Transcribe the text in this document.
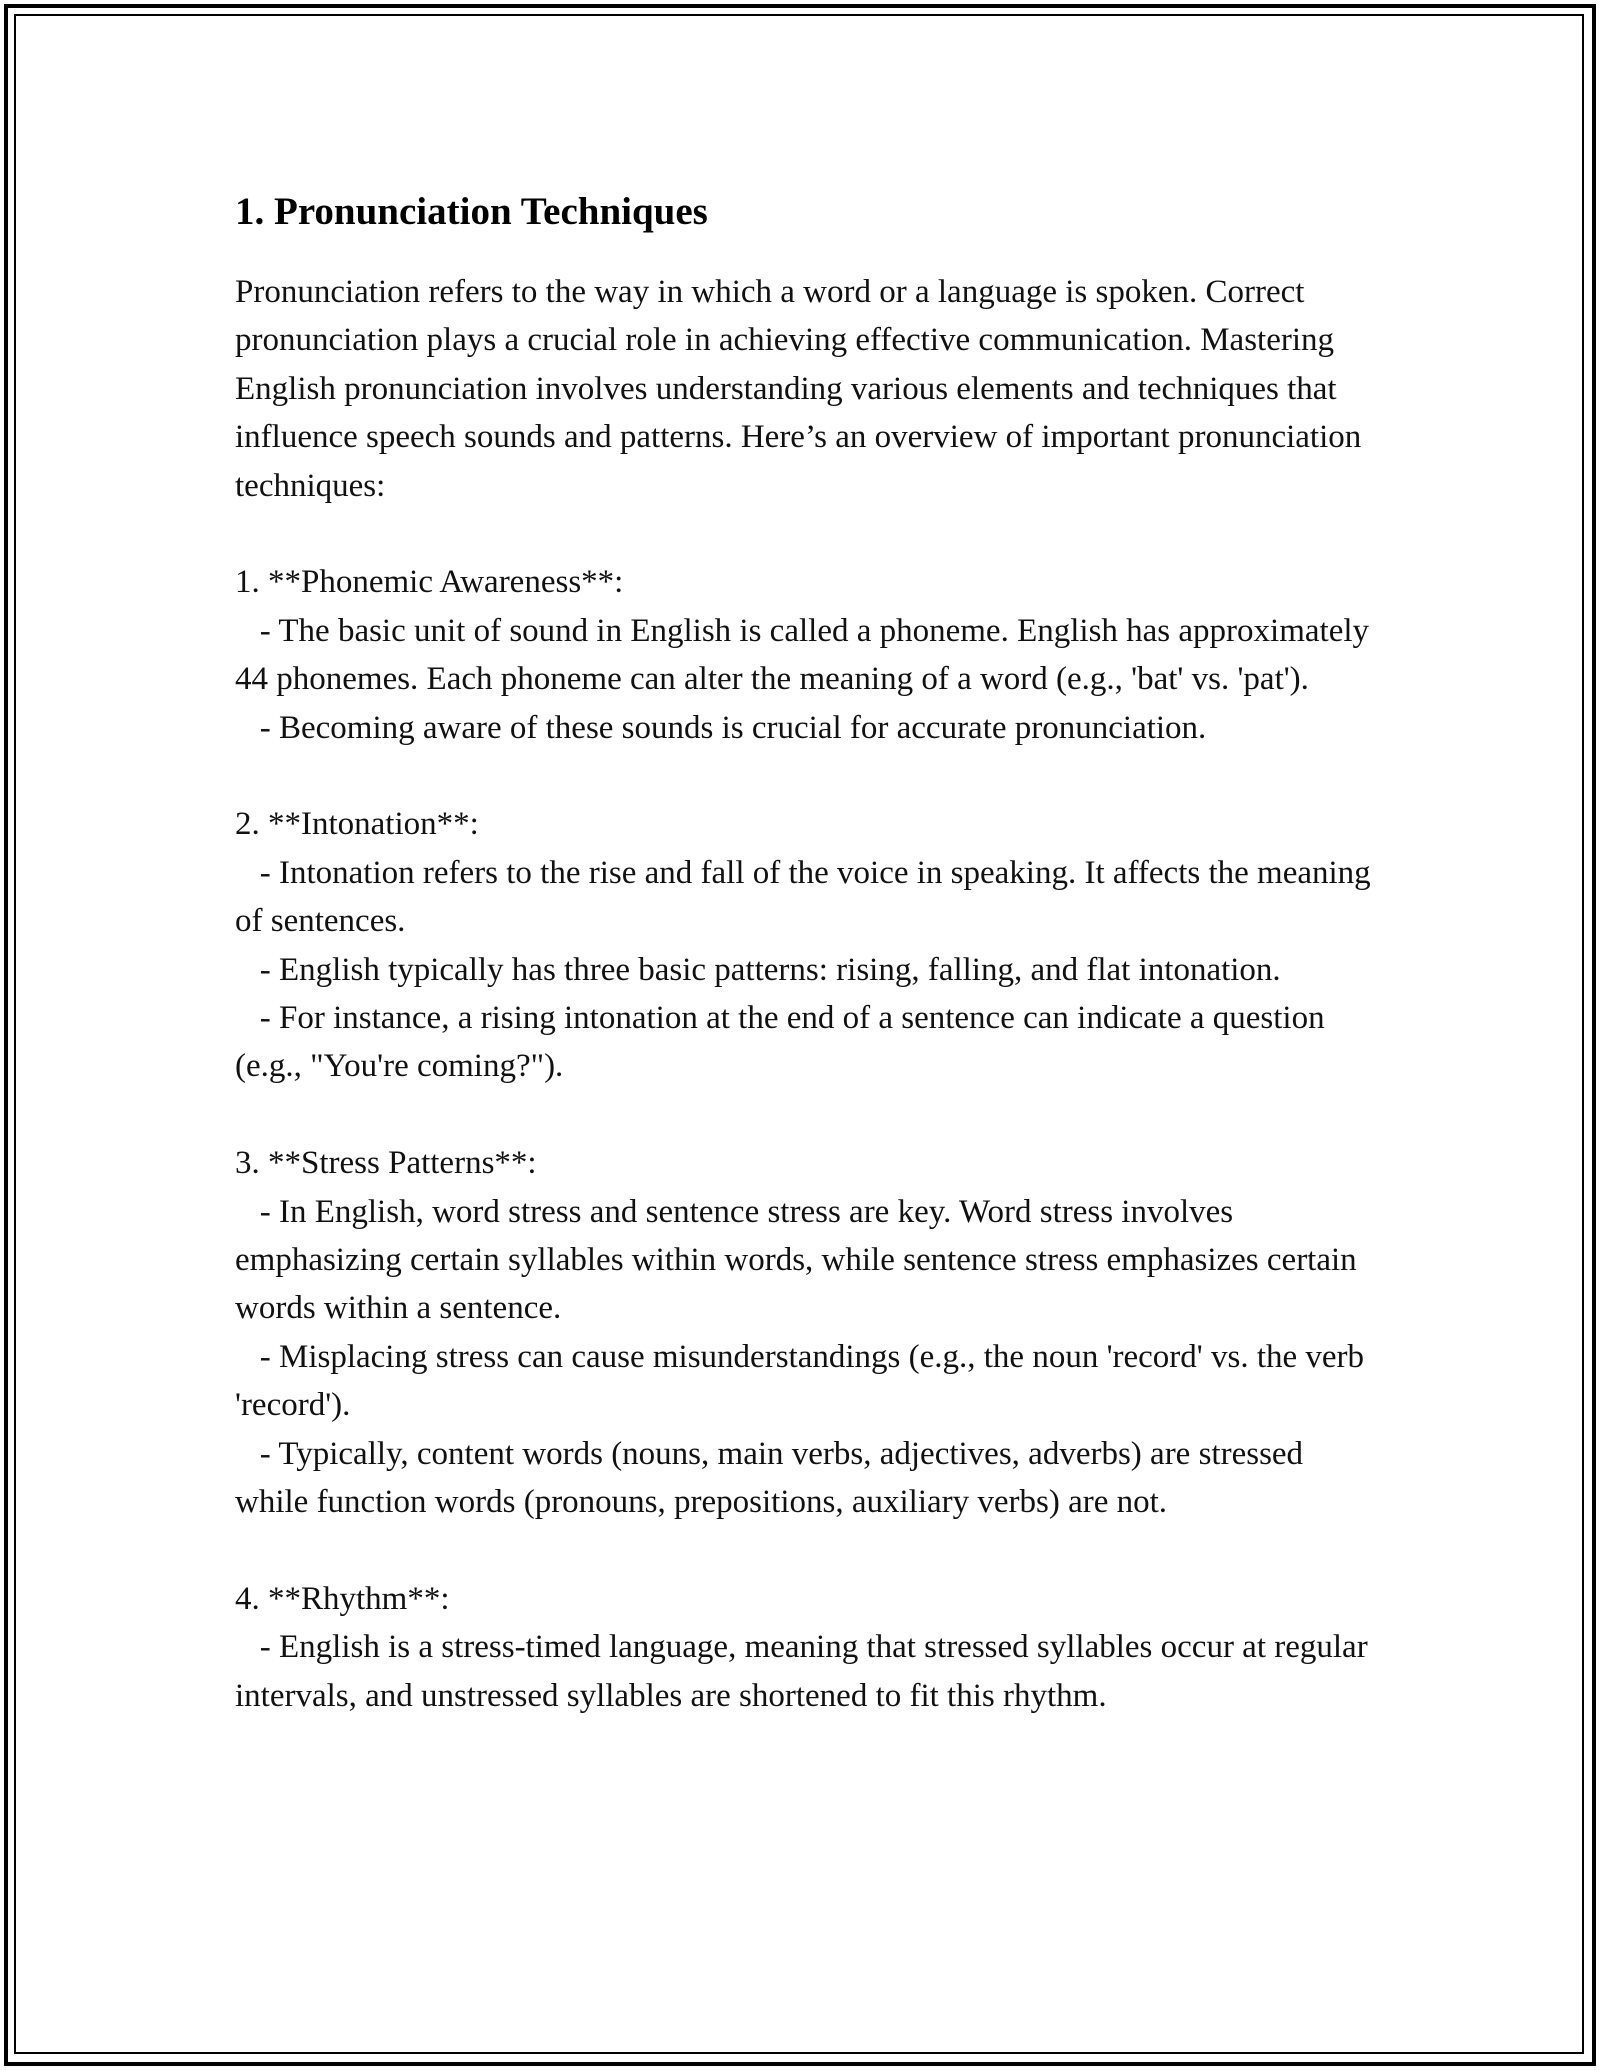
1. Pronunciation Techniques

Pronunciation refers to the way in which a word or a language is spoken. Correct pronunciation plays a crucial role in achieving effective communication. Mastering English pronunciation involves understanding various elements and techniques that influence speech sounds and patterns. Here’s an overview of important pronunciation techniques:

1. **Phonemic Awareness**:

- The basic unit of sound in English is called a phoneme. English has approximately 44 phonemes. Each phoneme can alter the meaning of a word (e.g., 'bat' vs. 'pat').

- Becoming aware of these sounds is crucial for accurate pronunciation.

2. **Intonation**:

- Intonation refers to the rise and fall of the voice in speaking. It affects the meaning of sentences.

- English typically has three basic patterns: rising, falling, and flat intonation.

- For instance, a rising intonation at the end of a sentence can indicate a question (e.g., "You're coming?").

3. **Stress Patterns**:

- In English, word stress and sentence stress are key. Word stress involves emphasizing certain syllables within words, while sentence stress emphasizes certain words within a sentence.

- Misplacing stress can cause misunderstandings (e.g., the noun 'record' vs. the verb 'record').

- Typically, content words (nouns, main verbs, adjectives, adverbs) are stressed while function words (pronouns, prepositions, auxiliary verbs) are not.

4. **Rhythm**:

- English is a stress-timed language, meaning that stressed syllables occur at regular intervals, and unstressed syllables are shortened to fit this rhythm.
